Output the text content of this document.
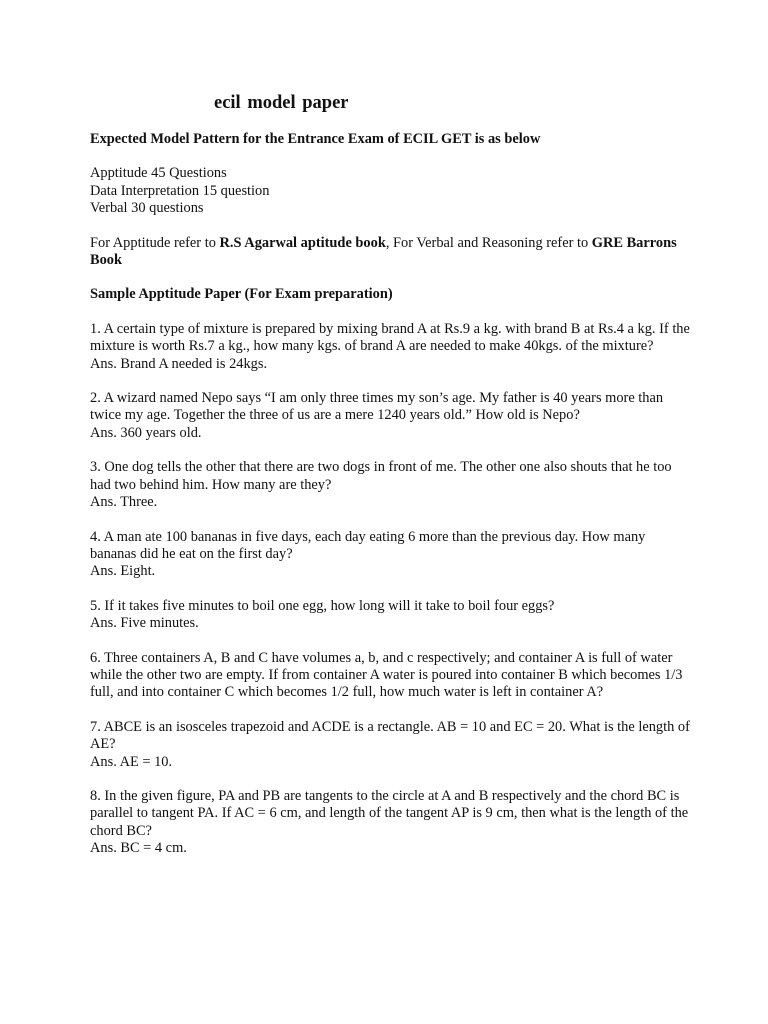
ecil model paper

Expected Model Pattern for the Entrance Exam of ECIL GET is as below

Apptitude 45 Questions
Data Interpretation 15 question
Verbal 30 questions

For Apptitude refer to R.S Agarwal aptitude book, For Verbal and Reasoning refer to GRE Barrons Book

Sample Apptitude Paper (For Exam preparation)

1. A certain type of mixture is prepared by mixing brand A at Rs.9 a kg. with brand B at Rs.4 a kg. If the mixture is worth Rs.7 a kg., how many kgs. of brand A are needed to make 40kgs. of the mixture?
Ans. Brand A needed is 24kgs.
2. A wizard named Nepo says “I am only three times my son’s age. My father is 40 years more than twice my age. Together the three of us are a mere 1240 years old.” How old is Nepo?
Ans. 360 years old.
3. One dog tells the other that there are two dogs in front of me. The other one also shouts that he too had two behind him. How many are they?
Ans. Three.
4. A man ate 100 bananas in five days, each day eating 6 more than the previous day. How many bananas did he eat on the first day?
Ans. Eight.
5. If it takes five minutes to boil one egg, how long will it take to boil four eggs?
Ans. Five minutes.
6. Three containers A, B and C have volumes a, b, and c respectively; and container A is full of water while the other two are empty. If from container A water is poured into container B which becomes 1/3 full, and into container C which becomes 1/2 full, how much water is left in container A?
7. ABCE is an isosceles trapezoid and ACDE is a rectangle. AB = 10 and EC = 20. What is the length of AE?
Ans. AE = 10.
8. In the given figure, PA and PB are tangents to the circle at A and B respectively and the chord BC is parallel to tangent PA. If AC = 6 cm, and length of the tangent AP is 9 cm, then what is the length of the chord BC?
Ans. BC = 4 cm.
